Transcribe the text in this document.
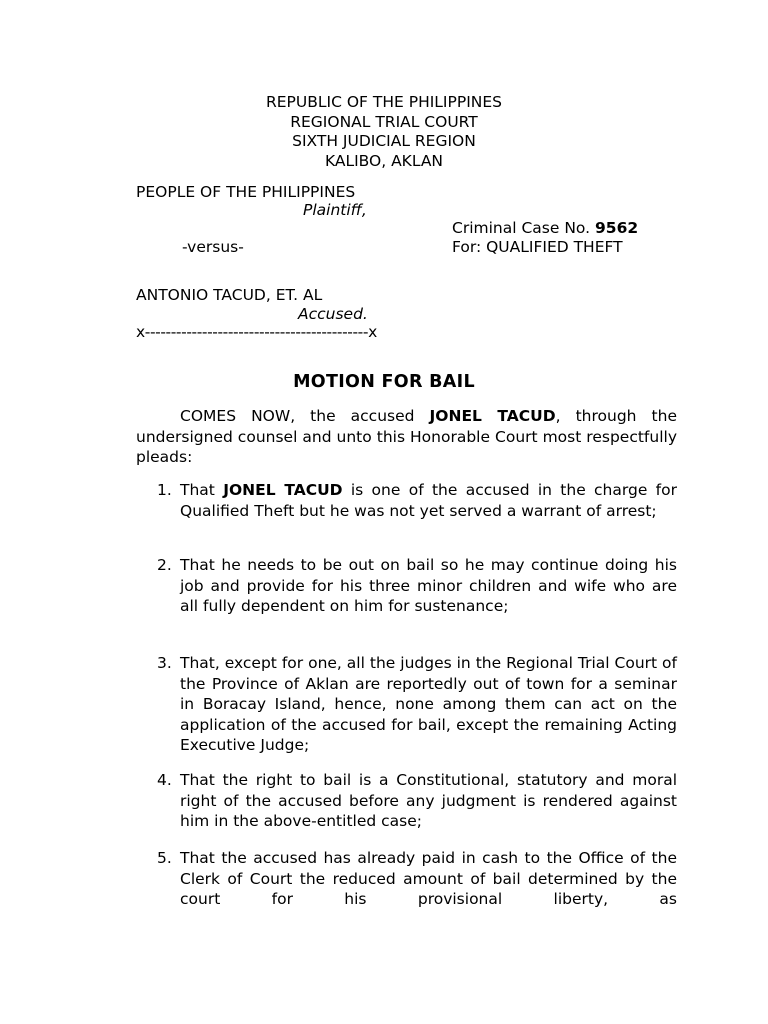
REPUBLIC OF THE PHILIPPINES
REGIONAL TRIAL COURT
SIXTH JUDICIAL REGION
KALIBO, AKLAN
PEOPLE OF THE PHILIPPINES
Plaintiff,
Criminal Case No. 9562
-versus-	For: QUALIFIED THEFT
ANTONIO TACUD, ET. AL
Accused.
x-------------------------------------------x
MOTION FOR BAIL
COMES NOW, the accused JONEL TACUD, through the undersigned counsel and unto this Honorable Court most respectfully pleads:
1. That JONEL TACUD is one of the accused in the charge for Qualified Theft but he was not yet served a warrant of arrest;
2. That he needs to be out on bail so he may continue doing his job and provide for his three minor children and wife who are all fully dependent on him for sustenance;
3. That, except for one, all the judges in the Regional Trial Court of the Province of Aklan are reportedly out of town for a seminar in Boracay Island, hence, none among them can act on the application of the accused for bail, except the remaining Acting Executive Judge;
4. That the right to bail is a Constitutional, statutory and moral right of the accused before any judgment is rendered against him in the above-entitled case;
5. That the accused has already paid in cash to the Office of the Clerk of Court the reduced amount of bail determined by the court for his provisional liberty, as
